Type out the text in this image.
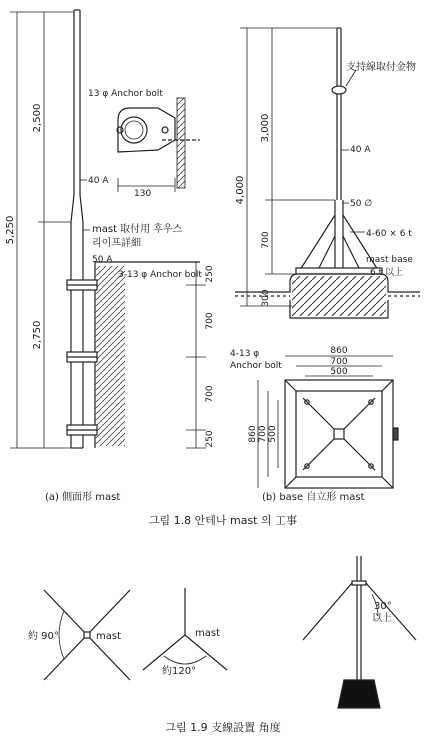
2,500
5,250
2,750
13 φ Anchor bolt
130
40 A
mast 取付用 후우스
리이프詳細
50 A
3-13 φ Anchor bolt 250
700
700
250
(a) 側面形 mast
支持線取付金物
40 A
50 ∅
4-60 × 6 t
mast base
6 t 以上
4,000
3,000
700
300
4-13 φ
Anchor bolt
860
700
500
860 700 500
(b) base 自立形 mast
그림 1.8 안테나 mast 의 工事
約 90°	mast	mast
約120°
30°
以上
그림 1.9 支線設置 角度
